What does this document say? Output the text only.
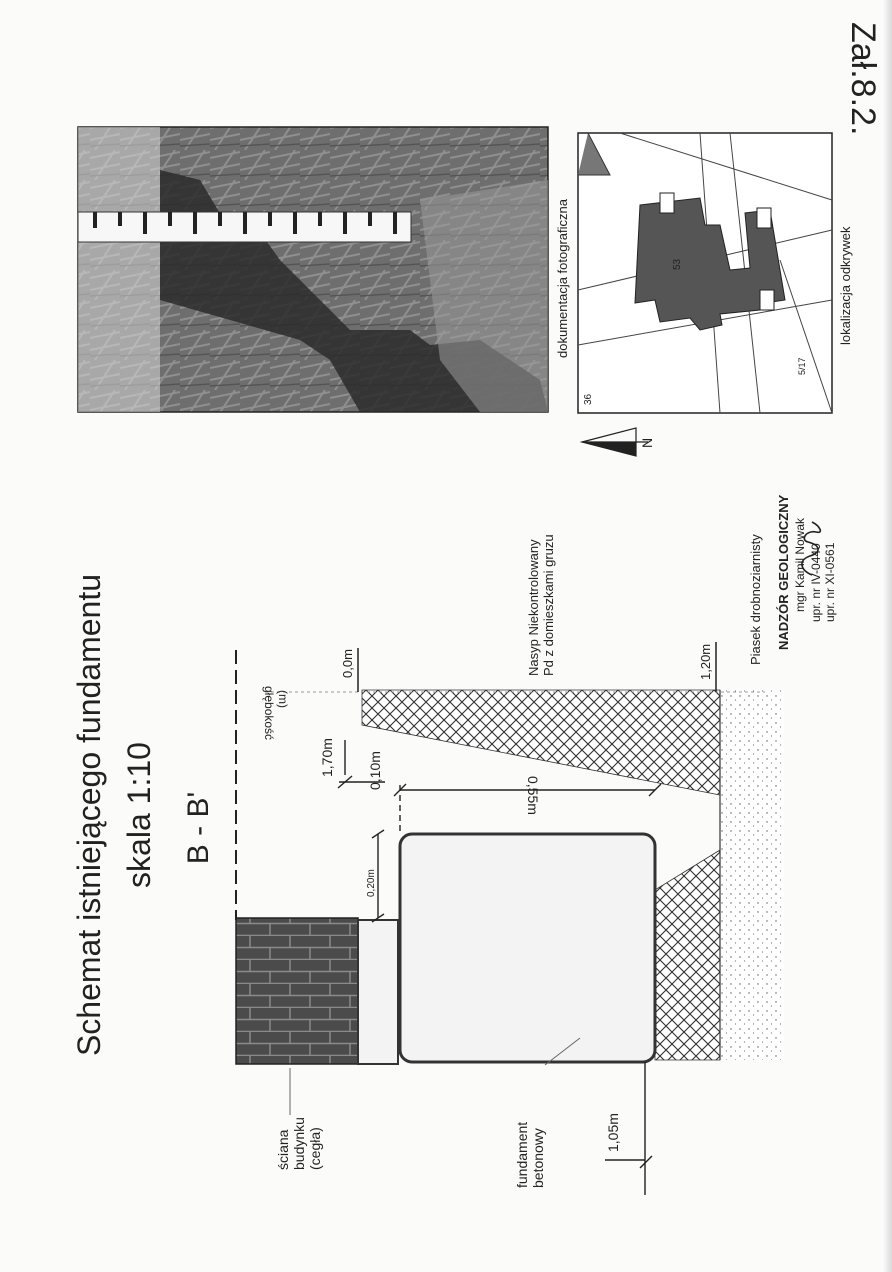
Zał.8.2.
Schemat istniejącego fundamentu skala 1:10 B - B'
głębokość (m)
0,0m	1,20m
0,20m
0,55m
0,10m
1,70m
1,05m
Nasyp Niekontrolowany Pd z domieszkami gruzu	Piasek drobnoziarnisty
ściana budynku (cegła)	fundament betonowy
dokumentacja fotograficzna
36
5/17
53	lokalizacja odkrywek
N
NADZÓR GEOLOGICZNY mgr Kamil Nowak upr. nr IV-0440 upr. nr XI-0561
